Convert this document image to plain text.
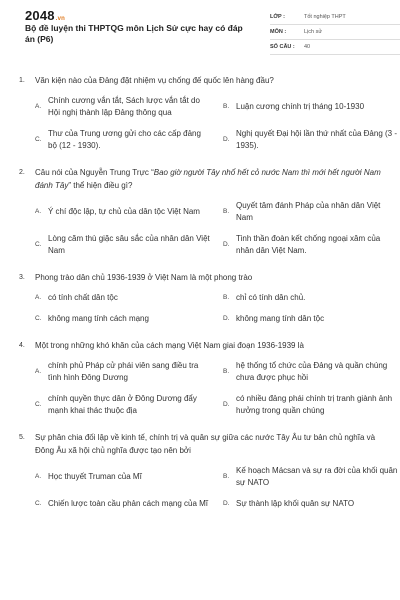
2048.vn
Bộ đề luyện thi THPTQG môn Lịch Sử cực hay có đáp án (P6)
LỚP :	Tốt nghiệp THPT
MÔN :	Lịch sử
SỐ CÂU :	40
1.	Văn kiện nào của Đảng đặt nhiệm vụ chống đế quốc lên hàng đầu?
A.
Chính cương vắn tắt, Sách lược vắn tắt do Hội nghị thành lập Đảng thông qua
B. Luận cương chính trị tháng 10-1930
C.
Thư của Trung ương gửi cho các cấp đảng bộ (12 - 1930).
D.
Nghị quyết Đại hội lần thứ nhất của Đảng (3 - 1935).
2.	Câu nói của Nguyễn Trung Trực “Bao giờ người Tây nhổ hết cỏ nước Nam thì mới hết người Nam đánh Tây” thể hiện điều gì?
A. Ý chí độc lập, tự chủ của dân tộc Việt Nam	B.
Quyết tâm đánh Pháp của nhân dân Việt Nam
C.
Lòng căm thù giặc sâu sắc của nhân dân Việt Nam
D.
Tinh thần đoàn kết chống ngoại xâm của nhân dân Việt Nam.
3.	Phong trào dân chủ 1936-1939 ở Việt Nam là một phong trào
A. có tính chất dân tộc	B. chỉ có tính dân chủ.
C. không mang tính cách mạng	D. không mang tính dân tộc
4.	Một trong những khó khăn của cách mạng Việt Nam giai đoạn 1936-1939 là
A.
chính phủ Pháp cử phái viên sang điều tra tình hình Đông Dương
B.
hệ thống tổ chức của Đảng và quần chúng chưa được phục hồi
C.
chính quyền thực dân ở Đông Dương đẩy mạnh khai thác thuộc địa
D.
có nhiều đảng phái chính trị tranh giành ảnh hưởng trong quần chúng
5.	Sự phân chia đối lập về kinh tế, chính trị và quân sự giữa các nước Tây Âu tư bản chủ nghĩa và Đông Âu xã hội chủ nghĩa được tạo nên bởi
A. Học thuyết Truman của Mĩ	B.
Kế hoạch Mácsan và sự ra đời của khối quân sự NATO
C. Chiến lược toàn cầu phản cách mạng của Mĩ	D. Sự thành lập khối quân sự NATO
